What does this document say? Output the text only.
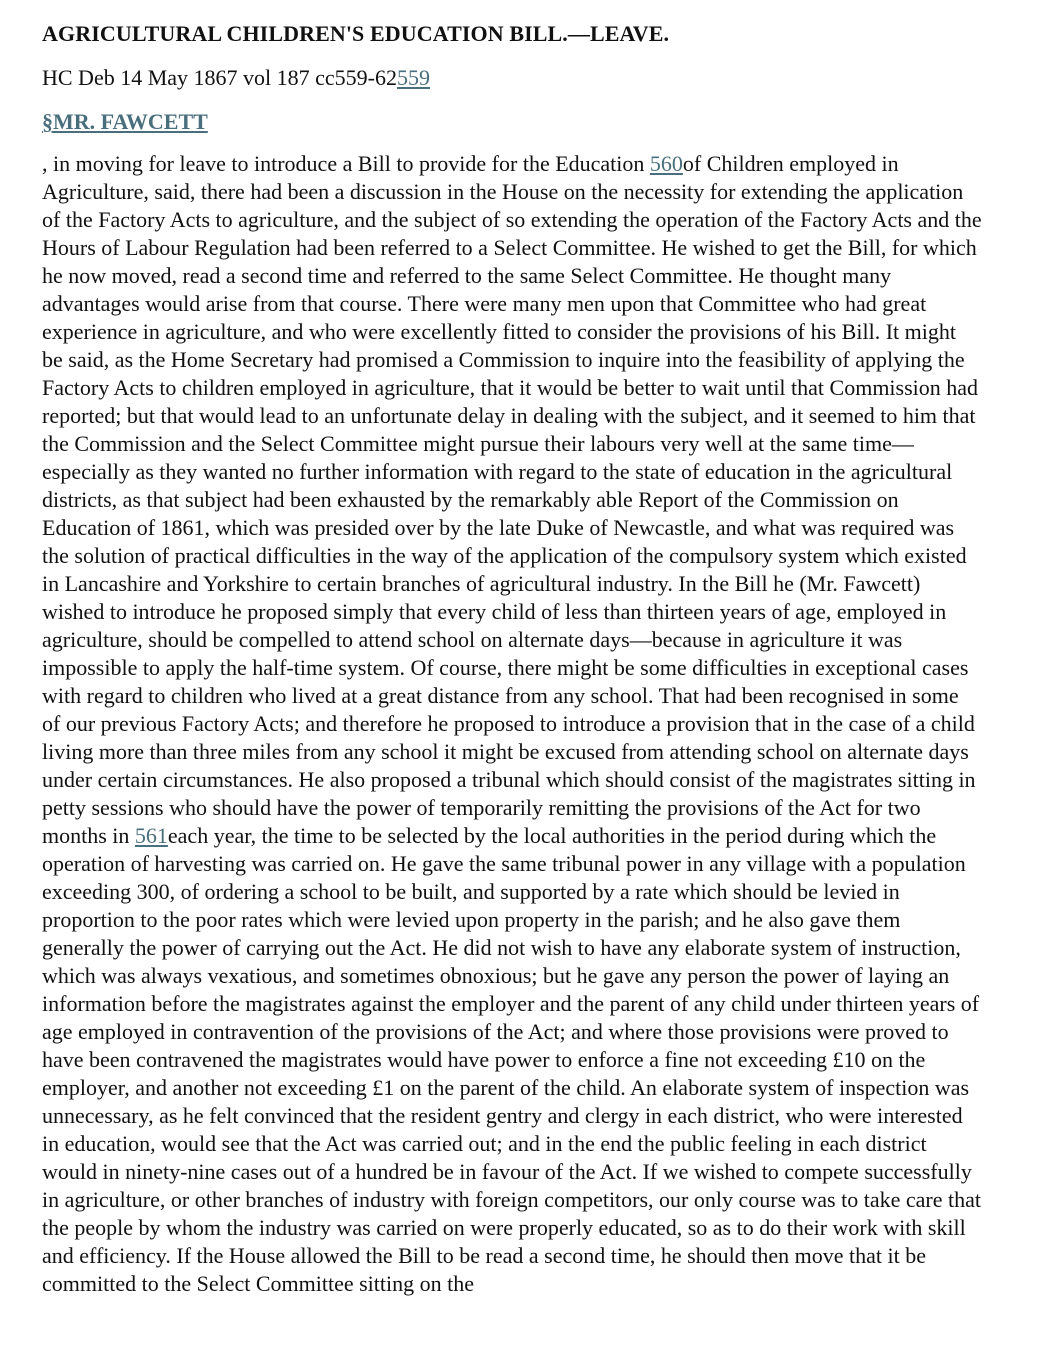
AGRICULTURAL CHILDREN'S EDUCATION BILL.—LEAVE.
HC Deb 14 May 1867 vol 187 cc559-62559
§MR. FAWCETT

, in moving for leave to introduce a Bill to provide for the Education 560of Children employed in Agriculture, said, there had been a discussion in the House on the necessity for extending the application of the Factory Acts to agriculture, and the subject of so extending the operation of the Factory Acts and the Hours of Labour Regulation had been referred to a Select Committee. He wished to get the Bill, for which he now moved, read a second time and referred to the same Select Committee. He thought many advantages would arise from that course. There were many men upon that Committee who had great experience in agriculture, and who were excellently fitted to consider the provisions of his Bill. It might be said, as the Home Secretary had promised a Commission to inquire into the feasibility of applying the Factory Acts to children employed in agriculture, that it would be better to wait until that Commission had reported; but that would lead to an unfortunate delay in dealing with the subject, and it seemed to him that the Commission and the Select Committee might pursue their labours very well at the same time—especially as they wanted no further information with regard to the state of education in the agricultural districts, as that subject had been exhausted by the remarkably able Report of the Commission on Education of 1861, which was presided over by the late Duke of Newcastle, and what was required was the solution of practical difficulties in the way of the application of the compulsory system which existed in Lancashire and Yorkshire to certain branches of agricultural industry. In the Bill he (Mr. Fawcett) wished to introduce he proposed simply that every child of less than thirteen years of age, employed in agriculture, should be compelled to attend school on alternate days—because in agriculture it was impossible to apply the half-time system. Of course, there might be some difficulties in exceptional cases with regard to children who lived at a great distance from any school. That had been recognised in some of our previous Factory Acts; and therefore he proposed to introduce a provision that in the case of a child living more than three miles from any school it might be excused from attending school on alternate days under certain circumstances. He also proposed a tribunal which should consist of the magistrates sitting in petty sessions who should have the power of temporarily remitting the provisions of the Act for two months in 561each year, the time to be selected by the local authorities in the period during which the operation of harvesting was carried on. He gave the same tribunal power in any village with a population exceeding 300, of ordering a school to be built, and supported by a rate which should be levied in proportion to the poor rates which were levied upon property in the parish; and he also gave them generally the power of carrying out the Act. He did not wish to have any elaborate system of instruction, which was always vexatious, and sometimes obnoxious; but he gave any person the power of laying an information before the magistrates against the employer and the parent of any child under thirteen years of age employed in contravention of the provisions of the Act; and where those provisions were proved to have been contravened the magistrates would have power to enforce a fine not exceeding £10 on the employer, and another not exceeding £1 on the parent of the child. An elaborate system of inspection was unnecessary, as he felt convinced that the resident gentry and clergy in each district, who were interested in education, would see that the Act was carried out; and in the end the public feeling in each district would in ninety-nine cases out of a hundred be in favour of the Act. If we wished to compete successfully in agriculture, or other branches of industry with foreign competitors, our only course was to take care that the people by whom the industry was carried on were properly educated, so as to do their work with skill and efficiency. If the House allowed the Bill to be read a second time, he should then move that it be committed to the Select Committee sitting on the
